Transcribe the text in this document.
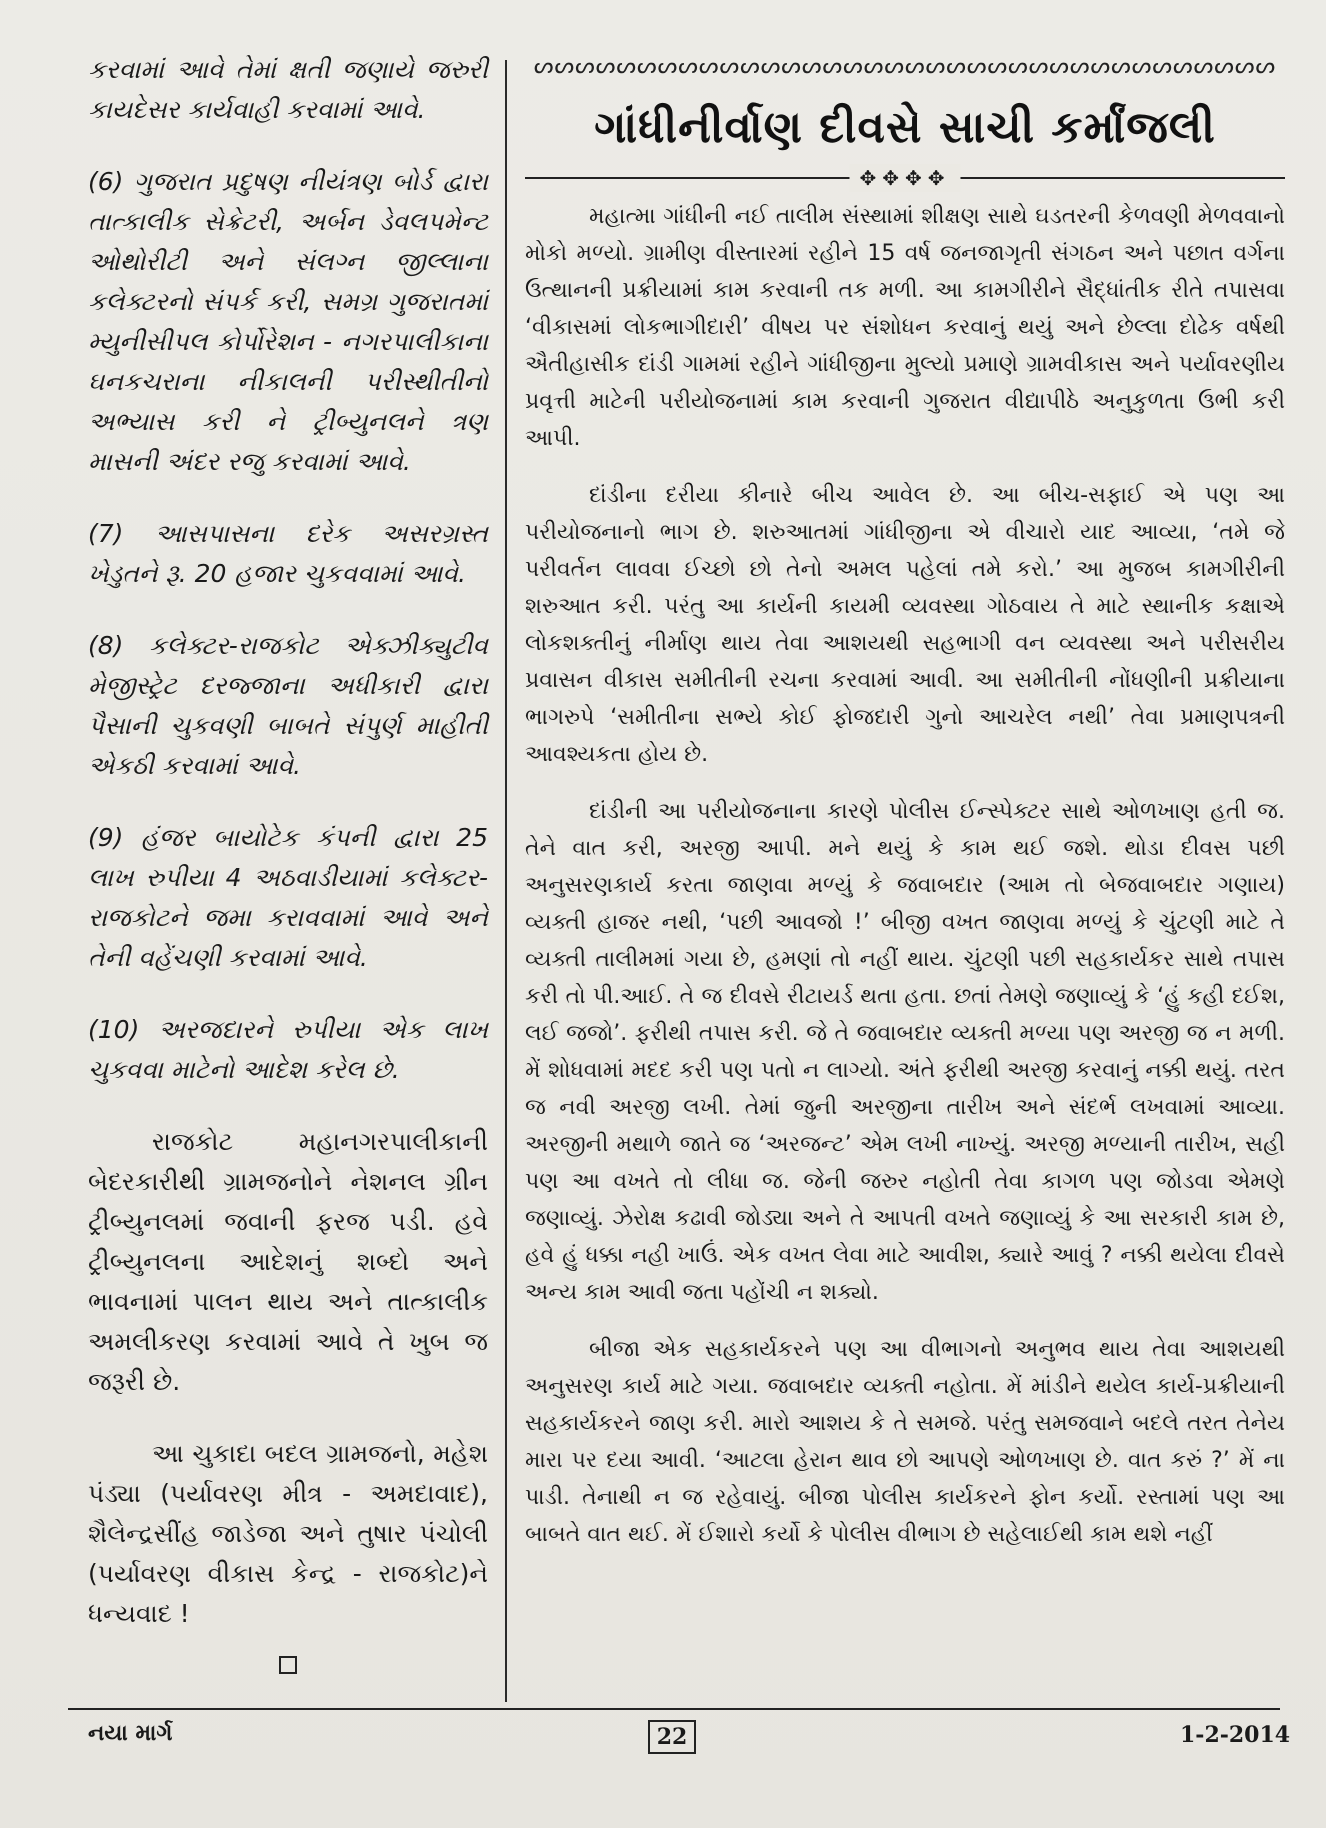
કરવામાં આવે તેમાં ક્ષતી જણાયે જરુરી કાયદેસર કાર્યવાહી કરવામાં આવે.

(6) ગુજરાત પ્રદુષણ નીયંત્રણ બોર્ડ દ્વારા તાત્કાલીક સેક્રેટરી, અર્બન ડેવલપમેન્ટ ઓથોરીટી અને સંલગ્ન જીલ્લાના કલેક્ટરનો સંપર્ક કરી, સમગ્ર ગુજરાતમાં મ્યુનીસીપલ કોર્પોરેશન - નગરપાલીકાના ઘનકચરાના નીકાલની પરીસ્થીતીનો અભ્યાસ કરી ને ટ્રીબ્યુનલને ત્રણ માસની અંદર રજુ કરવામાં આવે.

(7) આસપાસના દરેક અસરગ્રસ્ત ખેડુતને રૂ. 20 હજાર ચુકવવામાં આવે.

(8) કલેક્ટર-રાજકોટ એક્ઝીક્યુટીવ મેજીસ્ટ્રેટ દરજ્જાના અધીકારી દ્વારા પૈસાની ચુકવણી બાબતે સંપુર્ણ માહીતી એકઠી કરવામાં આવે.

(9) હંજર બાયોટેક કંપની દ્વારા 25 લાખ રુપીયા 4 અઠવાડીયામાં કલેક્ટર-રાજકોટને જમા કરાવવામાં આવે અને તેની વહેંચણી કરવામાં આવે.

(10) અરજદારને રુપીયા એક લાખ ચુકવવા માટેનો આદેશ કરેલ છે.

રાજકોટ મહાનગરપાલીકાની બેદરકારીથી ગ્રામજનોને નેશનલ ગ્રીન ટ્રીબ્યુનલમાં જવાની ફરજ પડી. હવે ટ્રીબ્યુનલના આદેશનું શબ્દો અને ભાવનામાં પાલન થાય અને તાત્કાલીક અમલીકરણ કરવામાં આવે તે ખુબ જ જરૂરી છે.

આ ચુકાદા બદલ ગ્રામજનો, મહેશ પંડ્યા (પર્યાવરણ મીત્ર - અમદાવાદ), શૈલેન્દ્રસીંહ જાડેજા અને તુષાર પંચોલી (પર્યાવરણ વીકાસ કેન્દ્ર - રાજકોટ)ને ધન્યવાદ !

ᔕᔕᔕᔕᔕᔕᔕᔕᔕᔕᔕᔕᔕᔕᔕᔕᔕᔕᔕᔕᔕᔕᔕᔕᔕᔕᔕᔕᔕᔕᔕᔕᔕᔕᔕᔕ
ગાંધીનીર્વાણ દીવસે સાચી કર્માંજલી
✥✥✥✥

મહાત્મા ગાંધીની નઈ તાલીમ સંસ્થામાં શીક્ષણ સાથે ઘડતરની કેળવણી મેળવવાનો મોકો મળ્યો. ગ્રામીણ વીસ્તારમાં રહીને 15 વર્ષ જનજાગૃતી સંગઠન અને પછાત વર્ગના ઉત્થાનની પ્રક્રીયામાં કામ કરવાની તક મળી. આ કામગીરીને સૈદ્ધાંતીક રીતે તપાસવા ‘વીકાસમાં લોકભાગીદારી’ વીષય પર સંશોધન કરવાનું થયું અને છેલ્લા દોઢેક વર્ષથી ઐતીહાસીક દાંડી ગામમાં રહીને ગાંધીજીના મુલ્યો પ્રમાણે ગ્રામવીકાસ અને પર્યાવરણીય પ્રવૃત્તી માટેની પરીયોજનામાં કામ કરવાની ગુજરાત વીદ્યાપીઠે અનુકુળતા ઉભી કરી આપી.

દાંડીના દરીયા કીનારે બીચ આવેલ છે. આ બીચ-સફાઈ એ પણ આ પરીયોજનાનો ભાગ છે. શરુઆતમાં ગાંધીજીના એ વીચારો યાદ આવ્યા, ‘તમે જે પરીવર્તન લાવવા ઈચ્છો છો તેનો અમલ પહેલાં તમે કરો.’ આ મુજબ કામગીરીની શરુઆત કરી. પરંતુ આ કાર્યની કાયમી વ્યવસ્થા ગોઠવાય તે માટે સ્થાનીક કક્ષાએ લોકશક્તીનું નીર્માણ થાય તેવા આશયથી સહભાગી વન વ્યવસ્થા અને પરીસરીય પ્રવાસન વીકાસ સમીતીની રચના કરવામાં આવી. આ સમીતીની નોંધણીની પ્રક્રીયાના ભાગરુપે ‘સમીતીના સભ્યે કોઈ ફોજદારી ગુનો આચરેલ નથી’ તેવા પ્રમાણપત્રની આવશ્યકતા હોય છે.

દાંડીની આ પરીયોજનાના કારણે પોલીસ ઈન્સ્પેક્ટર સાથે ઓળખાણ હતી જ. તેને વાત કરી, અરજી આપી. મને થયું કે કામ થઈ જશે. થોડા દીવસ પછી અનુસરણકાર્ય કરતા જાણવા મળ્યું કે જવાબદાર (આમ તો બેજવાબદાર ગણાય) વ્યક્તી હાજર નથી, ‘પછી આવજો !’ બીજી વખત જાણવા મળ્યું કે ચુંટણી માટે તે વ્યક્તી તાલીમમાં ગયા છે, હમણાં તો નહીં થાય. ચુંટણી પછી સહકાર્યકર સાથે તપાસ કરી તો પી.આઈ. તે જ દીવસે રીટાયર્ડ થતા હતા. છતાં તેમણે જણાવ્યું કે ‘હું કહી દઈશ, લઈ જજો’. ફરીથી તપાસ કરી. જે તે જવાબદાર વ્યક્તી મળ્યા પણ અરજી જ ન મળી. મેં શોધવામાં મદદ કરી પણ પતો ન લાગ્યો. અંતે ફરીથી અરજી કરવાનું નક્કી થયું. તરત જ નવી અરજી લખી. તેમાં જુની અરજીના તારીખ અને સંદર્ભ લખવામાં આવ્યા. અરજીની મથાળે જાતે જ ‘અરજન્ટ’ એમ લખી નાખ્યું. અરજી મળ્યાની તારીખ, સહી પણ આ વખતે તો લીધા જ. જેની જરુર નહોતી તેવા કાગળ પણ જોડવા એમણે જણાવ્યું. ઝેરોક્ષ કઢાવી જોડ્યા અને તે આપતી વખતે જણાવ્યું કે આ સરકારી કામ છે, હવે હું ધક્કા નહી ખાઉં. એક વખત લેવા માટે આવીશ, ક્યારે આવું ? નક્કી થયેલા દીવસે અન્ય કામ આવી જતા પહોંચી ન શક્યો.

બીજા એક સહકાર્યકરને પણ આ વીભાગનો અનુભવ થાય તેવા આશયથી અનુસરણ કાર્ય માટે ગયા. જવાબદાર વ્યક્તી નહોતા. મેં માંડીને થયેલ કાર્ય-પ્રક્રીયાની સહકાર્યકરને જાણ કરી. મારો આશય કે તે સમજે. પરંતુ સમજવાને બદલે તરત તેનેય મારા પર દયા આવી. ‘આટલા હેરાન થાવ છો આપણે ઓળખાણ છે. વાત કરું ?’ મેં ના પાડી. તેનાથી ન જ રહેવાયું. બીજા પોલીસ કાર્યકરને ફોન કર્યો. રસ્તામાં પણ આ બાબતે વાત થઈ. મેં ઈશારો કર્યો કે પોલીસ વીભાગ છે સહેલાઈથી કામ થશે નહીં

નયા માર્ગ	22	1-2-2014
